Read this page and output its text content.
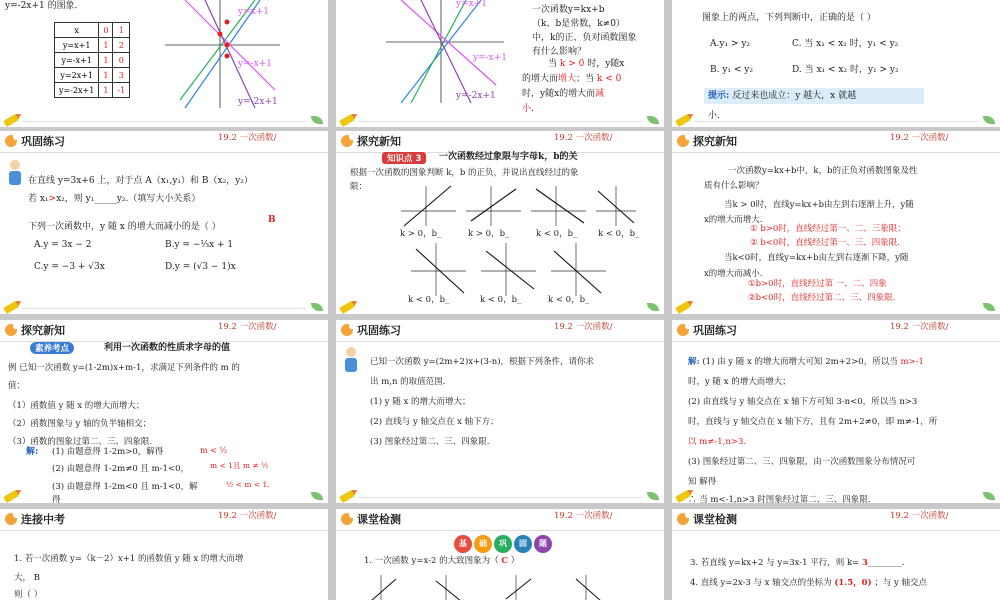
y=-2x+1 的图象.
x	0	1
y=x+1	1	2
y=-x+1	1	0
y=2x+1	1	3
y=-2x+1	1	-1
y=x+1
y=-x+1
y=-2x+1
y=x+1
y=-x+1
y=-2x+1
一次函数y=kx+b
（k、b是常数，k≠0）
中，k的正、负对函数图象
有什么影响？
当 k > 0 时，y随x
的增大而增大；当 k < 0
时，y随x的增大而减
小.
图象上的两点，下列判断中，正确的是（ ）
A.y₁ > y₂	C. 当 x₁ < x₂ 时，y₁ < y₂
B. y₁ < y₂	D. 当 x₁ < x₂ 时，y₁ > y₂
提示: 反过来也成立：y 越大，x 就越
小.
巩固练习	19.2 一次函数/
在直线 y=3x+6 上，对于点 A（x₁,y₁）和 B（x₂，y₂）
若 x₁>x₂，则 y₁_____y₂.（填写大小关系）
下列一次函数中，y 随 x 的增大而减小的是（ ）
B
A.y = 3x − 2	B.y = −⅓x + 1
C.y = −3 + √3x	D.y = (√3 − 1)x
探究新知	19.2 一次函数/
知识点 3	一次函数经过象限与字母k，b的关
根据一次函数的图象判断 k，b 的正负，并说出直线经过的象
限：
k > 0，b_	k > 0，b_	k < 0，b_ k < 0，b_
k < 0，b_	k < 0，b_	k < 0，b_
探究新知	19.2 一次函数/
一次函数y=kx+b中，k，b的正负对函数图象及性
质有什么影响？
当k > 0时，直线y=kx+b由左到右逐渐上升，y随
x的增大而增大.
① b>0时，直线经过第一、二、三象限；
② b<0时，直线经过第一、三、四象限.
当k<0时，直线y=kx+b由左到右逐渐下降，y随
x的增大而减小.
①b>0时，直线经过第 一、二、四象
②b<0时，直线经过第二、三、四象限.
探究新知	19.2 一次函数/
素养考点	利用一次函数的性质求字母的值
例 已知一次函数 y=(1-2m)x+m-1，求满足下列条件的 m 的
值：
（1）函数值 y 随 x 的增大而增大；
（2）函数图象与 y 轴的负半轴相交；
（3）函数的图象过第二、三、四象限.
解: (1) 由题意得 1-2m>0，解得
(2) 由题意得 1-2m≠0 且 m-1<0，
(3) 由题意得 1-2m<0 且 m-1<0，解
得
m < ½
m < 1且 m ≠ ½
½ < m < 1.
巩固练习	19.2 一次函数/
已知一次函数 y=(2m+2)x+(3-n)，根据下列条件，请你求
出 m,n 的取值范围.
(1) y 随 x 的增大而增大；
(2) 直线与 y 轴交点在 x 轴下方；
(3) 图象经过第二、三、四象限.
巩固练习	19.2 一次函数/
解: (1) 由 y 随 x 的增大而增大可知 2m+2>0，所以当 m>-1
时，y 随 x 的增大而增大；
(2) 由直线与 y 轴交点在 x 轴下方可知 3-n<0，所以当 n>3
时，直线与 y 轴交点在 x 轴下方，且有 2m+2≠0，即 m≠-1，所
以 m≠-1,n>3.
(3) 图象经过第二、三、四象限，由一次函数图象分布情况可
知 解得
∴ 当 m<-1,n>3 时图象经过第二、三、四象限.
连接中考	19.2 一次函数/
1. 若一次函数 y=（k－2）x+1 的函数值 y 随 x 的增大而增
大， B
则（ ）
课堂检测	19.2 一次函数/
基 础 巩 固 题
1. 一次函数 y=x-2 的大致图象为（ C ）
课堂检测	19.2 一次函数/
3. 若直线 y=kx+2 与 y=3x-1 平行，则 k= 3________.
4. 直线 y=2x-3 与 x 轴交点的坐标为 (1.5，0) ；与 y 轴交点
